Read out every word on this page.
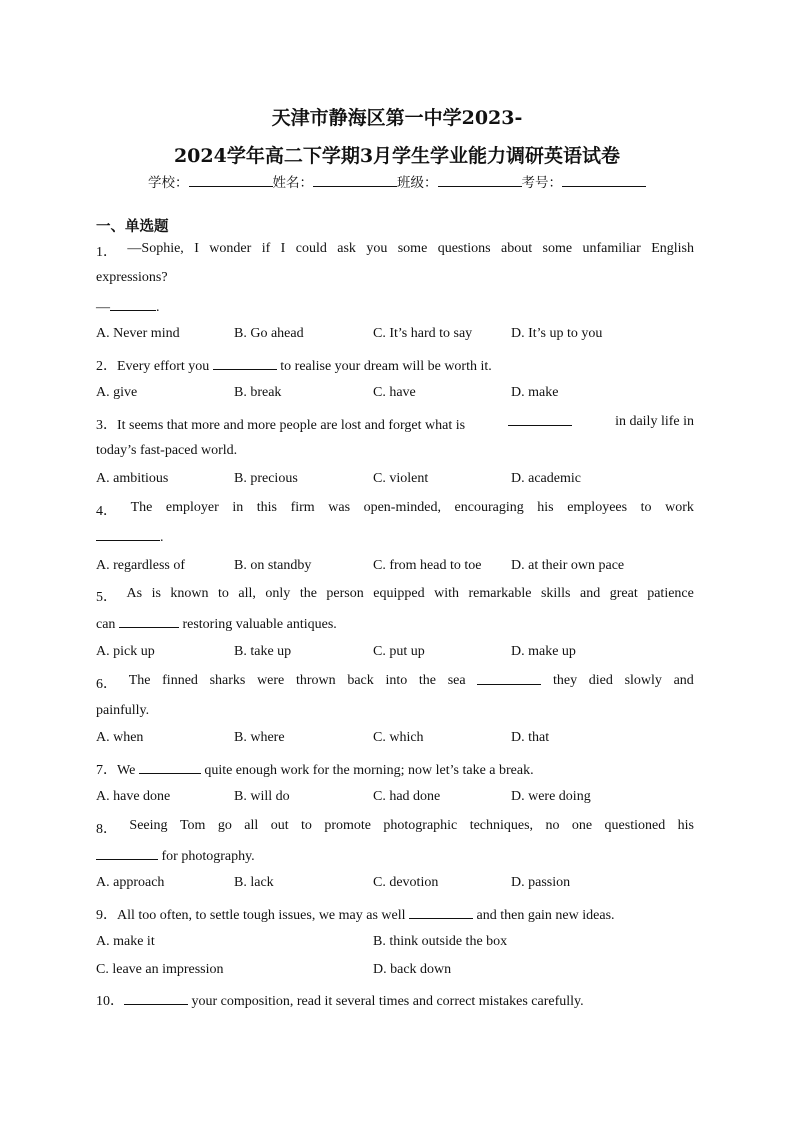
天津市静海区第一中学2023-
2024学年高二下学期3月学生学业能力调研英语试卷
学校：	姓名：	班级：	考号：
一、单选题
1． —Sophie, I wonder if I could ask you some questions about some unfamiliar English
expressions?
—	.
A. Never mind	B. Go ahead	C. It’s hard to say	D. It’s up to you
2．Every effort you	to realise your dream will be worth it.
A. give	B. break	C. have	D. make
3．It seems that more and more people are lost and forget what is	in daily life in
today’s fast-paced world.
A. ambitious	B. precious	C. violent	D. academic
4． The employer in this firm was open-minded, encouraging his employees to work
.
A. regardless of	B. on standby	C. from head to toe D. at their own pace
5． As is known to all, only the person equipped with remarkable skills and great patience
can	restoring valuable antiques.
A. pick up	B. take up	C. put up	D. make up
6． The finned sharks were thrown back into the sea	they died slowly and
painfully.
A. when	B. where	C. which	D. that
7．We	quite enough work for the morning; now let’s take a break.
A. have done	B. will do	C. had done	D. were doing
8． Seeing Tom go all out to promote photographic techniques, no one questioned his
for photography.
A. approach	B. lack	C. devotion	D. passion
9．All too often, to settle tough issues, we may as well	and then gain new ideas.
A. make it	B. think outside the box
C. leave an impression	D. back down
10．	your composition, read it several times and correct mistakes carefully.
